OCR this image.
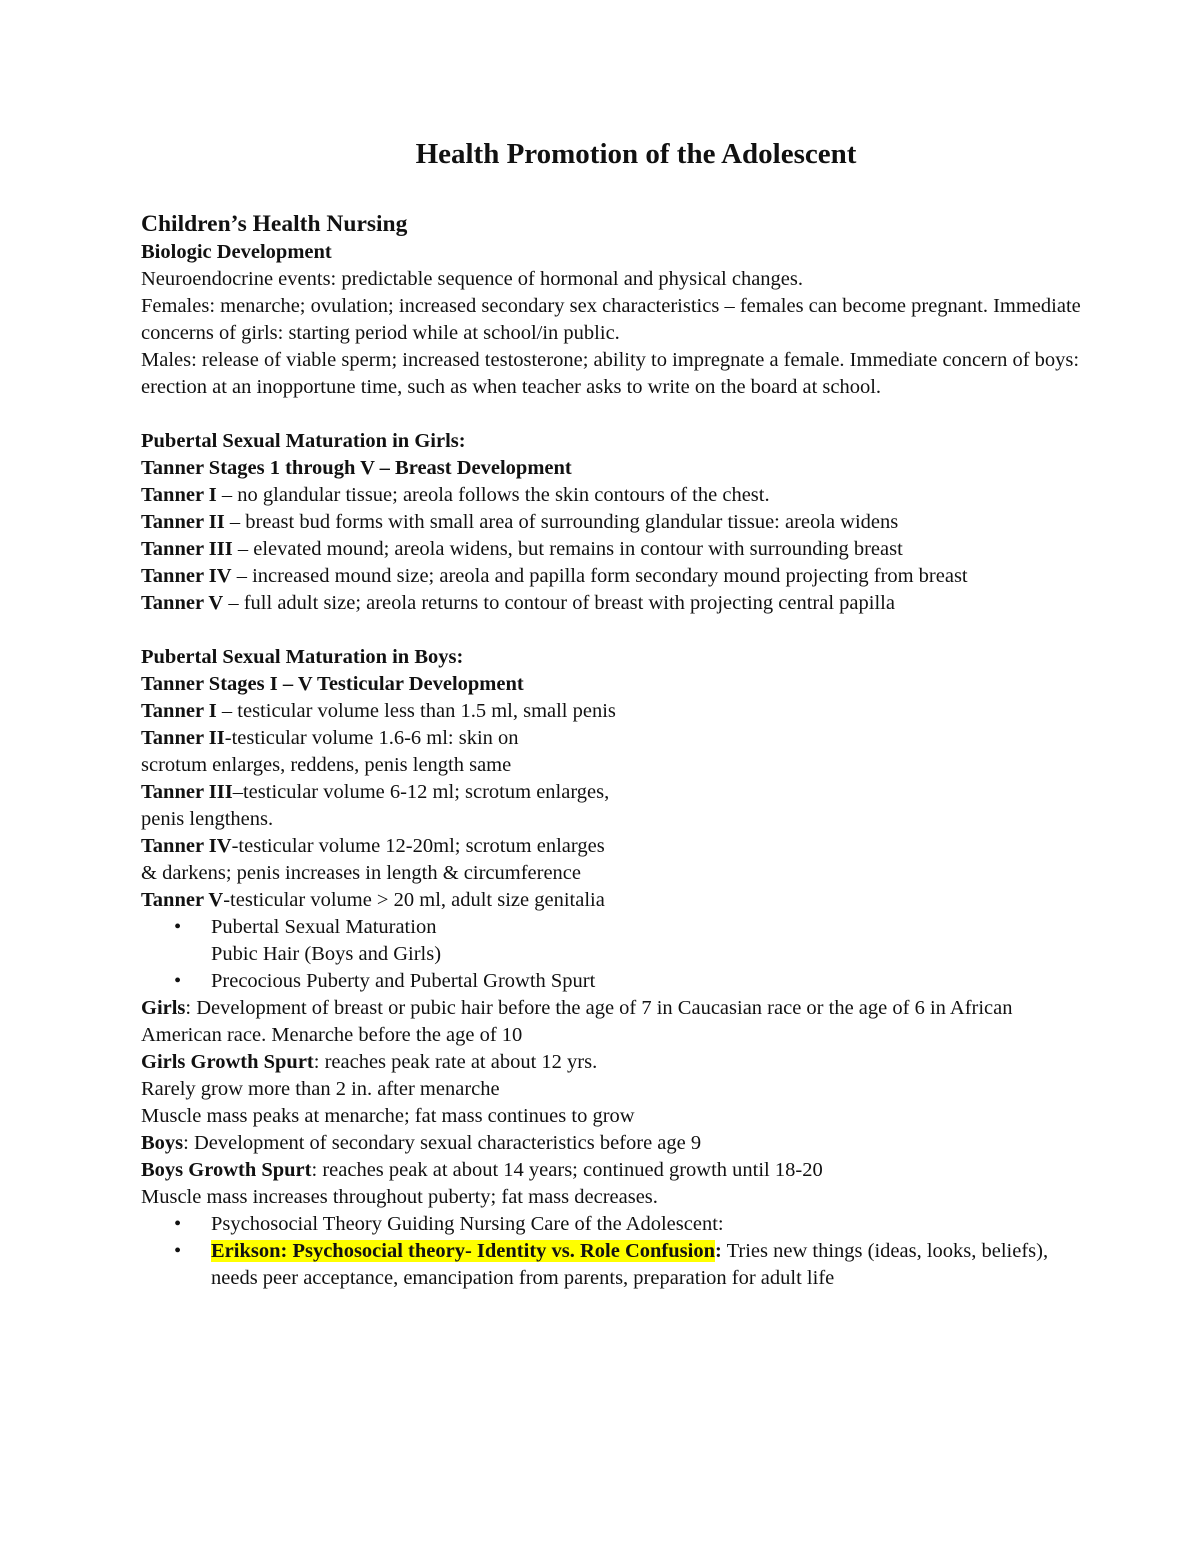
Health Promotion of the Adolescent
Children’s Health Nursing
Biologic Development
Neuroendocrine events: predictable sequence of hormonal and physical changes.
Females: menarche; ovulation; increased secondary sex characteristics – females can become pregnant. Immediate concerns of girls: starting period while at school/in public.
Males: release of viable sperm; increased testosterone; ability to impregnate a female. Immediate concern of boys: erection at an inopportune time, such as when teacher asks to write on the board at school.
Pubertal Sexual Maturation in Girls:
Tanner Stages 1 through V – Breast Development
Tanner I – no glandular tissue; areola follows the skin contours of the chest.
Tanner II – breast bud forms with small area of surrounding glandular tissue: areola widens
Tanner III – elevated mound; areola widens, but remains in contour with surrounding breast
Tanner IV – increased mound size; areola and papilla form secondary mound projecting from breast
Tanner V – full adult size; areola returns to contour of breast with projecting central papilla
Pubertal Sexual Maturation in Boys:
Tanner Stages I – V Testicular Development
Tanner I – testicular volume less than 1.5 ml, small penis
Tanner II-testicular volume 1.6-6 ml: skin on
scrotum enlarges, reddens, penis length same
Tanner III–testicular volume 6-12 ml; scrotum enlarges,
penis lengthens.
Tanner IV-testicular volume 12-20ml; scrotum enlarges
& darkens; penis increases in length & circumference
Tanner V-testicular volume > 20 ml, adult size genitalia
• Pubertal Sexual Maturation
Pubic Hair (Boys and Girls)
• Precocious Puberty and Pubertal Growth Spurt
Girls: Development of breast or pubic hair before the age of 7 in Caucasian race or the age of 6 in African American race. Menarche before the age of 10
Girls Growth Spurt: reaches peak rate at about 12 yrs.
Rarely grow more than 2 in. after menarche
Muscle mass peaks at menarche; fat mass continues to grow
Boys: Development of secondary sexual characteristics before age 9
Boys Growth Spurt: reaches peak at about 14 years; continued growth until 18-20
Muscle mass increases throughout puberty; fat mass decreases.
• Psychosocial Theory Guiding Nursing Care of the Adolescent:
• Erikson: Psychosocial theory- Identity vs. Role Confusion: Tries new things (ideas, looks, beliefs), needs peer acceptance, emancipation from parents, preparation for adult life
